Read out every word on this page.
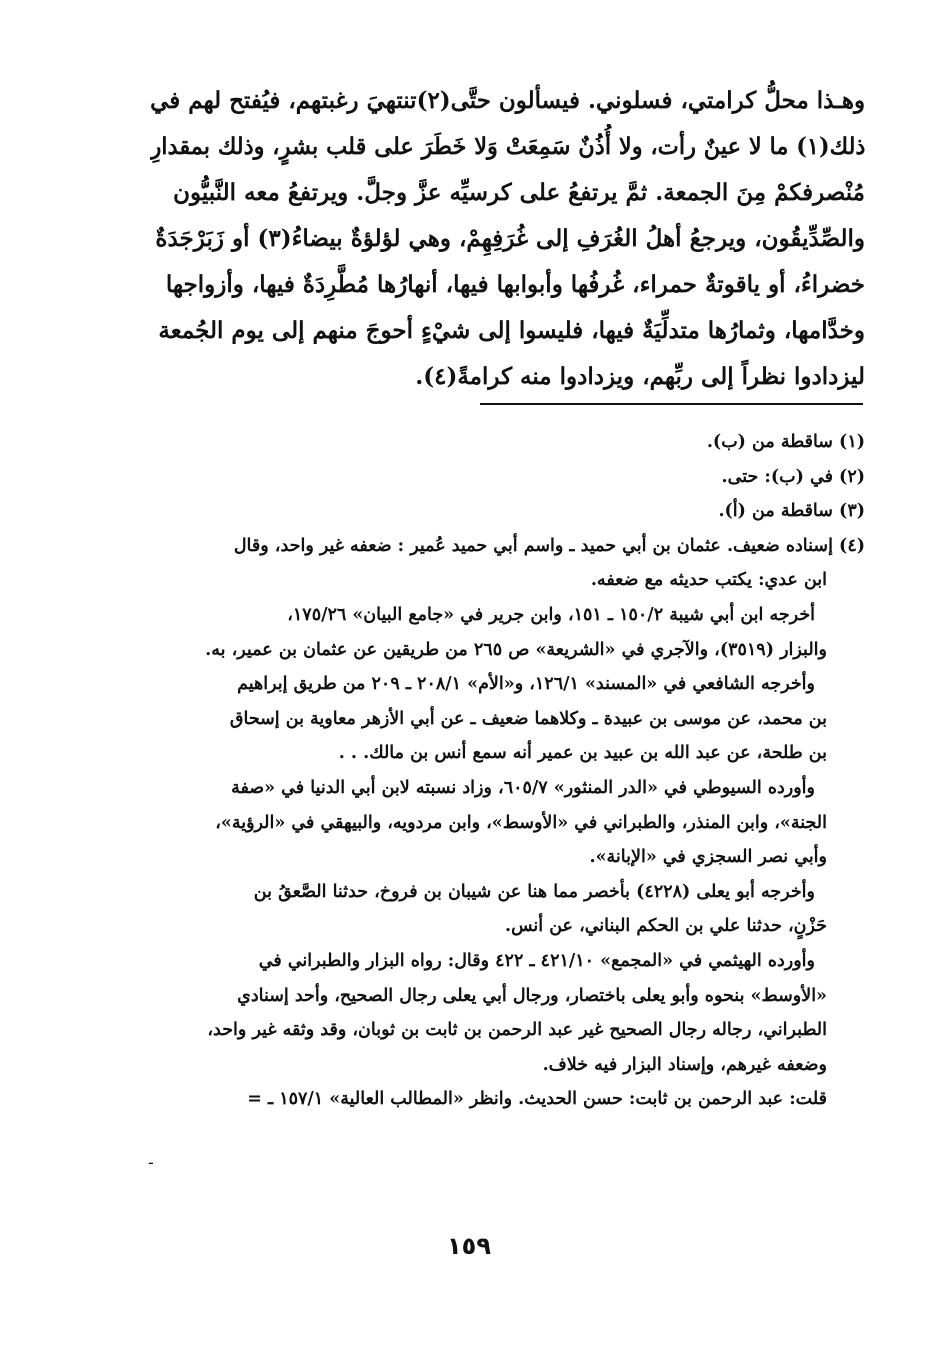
وهـذا محلُّ كرامتي، فسلوني. فيسألون حتَّى(٢)تنتهيَ رغبتهم، فيُفتح لهم في

ذلك(١) ما لا عينٌ رأت، ولا أُذُنٌ سَمِعَتْ وَلا خَطَرَ على قلب بشرٍ، وذلك بمقدارِ

مُنْصرفكمْ مِنَ الجمعة. ثمَّ يرتفعُ على كرسيِّه عزَّ وجلَّ. ويرتفعُ معه النَّبيُّون

والصِّدِّيقُون، ويرجعُ أهلُ الغُرَفِ إلى غُرَفِهِمْ، وهي لؤلؤةٌ بيضاءُ(٣) أو زَبَرْجَدَةٌ

خضراءُ، أو ياقوتةٌ حمراء، غُرفُها وأبوابها فيها، أنهارُها مُطَّرِدَةٌ فيها، وأزواجها

وخدَّامها، وثمارُها متدلِّيَةٌ فيها، فليسوا إلى شيْءٍ أحوجَ منهم إلى يوم الجُمعة

ليزدادوا نظراً إلى ربِّهم، ويزدادوا منه كرامةً(٤).

(١) ساقطة من (ب).

(٢) في (ب): حتى.

(٣) ساقطة من (أ).

(٤) إسناده ضعيف. عثمان بن أبي حميد ـ واسم أبي حميد عُمير : ضعفه غير واحد، وقال

ابن عدي: يكتب حديثه مع ضعفه.

أخرجه ابن أبي شيبة ١٥٠/٢ ـ ١٥١، وابن جرير في «جامع البيان» ١٧٥/٢٦،

والبزار (٣٥١٩)، والآجري في «الشريعة» ص ٢٦٥ من طريقين عن عثمان بن عمير، به.

وأخرجه الشافعي في «المسند» ١٢٦/١، و«الأم» ٢٠٨/١ ـ ٢٠٩ من طريق إبراهيم

بن محمد، عن موسى بن عبيدة ـ وكلاهما ضعيف ـ عن أبي الأزهر معاوية بن إسحاق

بن طلحة، عن عبد الله بن عبيد بن عمير أنه سمع أنس بن مالك. . .

وأورده السيوطي في «الدر المنثور» ٦٠٥/٧، وزاد نسبته لابن أبي الدنيا في «صفة

الجنة»، وابن المنذر، والطبراني في «الأوسط»، وابن مردويه، والبيهقي في «الرؤية»،

وأبي نصر السجزي في «الإبانة».

وأخرجه أبو يعلى (٤٢٢٨) بأخصر مما هنا عن شيبان بن فروخ، حدثنا الصَّعقُ بن

حَزْنٍ، حدثنا علي بن الحكم البناني، عن أنس.

وأورده الهيثمي في «المجمع» ٤٢١/١٠ ـ ٤٢٢ وقال: رواه البزار والطبراني في

«الأوسط» بنحوه وأبو يعلى باختصار، ورجال أبي يعلى رجال الصحيح، وأحد إسنادي

الطبراني، رجاله رجال الصحيح غير عبد الرحمن بن ثابت بن ثوبان، وقد وثقه غير واحد،

وضعفه غيرهم، وإسناد البزار فيه خلاف.

قلت: عبد الرحمن بن ثابت: حسن الحديث. وانظر «المطالب العالية» ١٥٧/١ ـ =

-
١٥٩
